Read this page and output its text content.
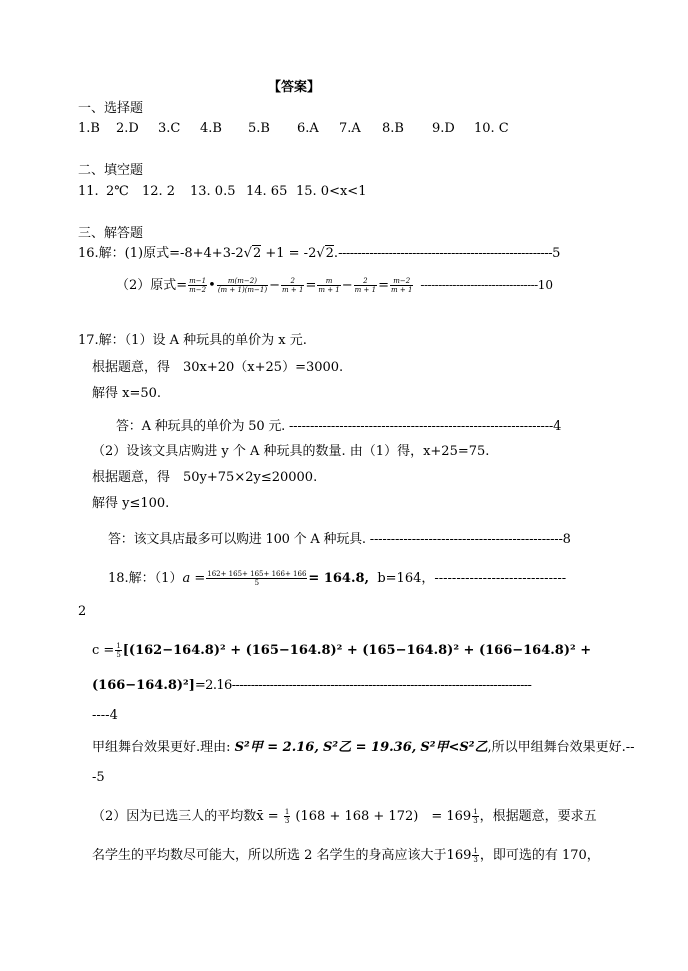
【答案】
一、选择题
1.B 2.D 3.C 4.B 5.B 6.A 7.A 8.B 9.D 10. C
二、填空题
11. 2℃ 12. 2 13. 0.5 14. 65 15. 0<x<1
三、解答题
16.解：(1)原式=-8+4+3-2√2 +1 = -2√2.-------------------------------------------------------5
（2）原式= $\frac{m-1}{m-2}$ • $\frac{m(m-2)}{(m + 1)(m-1)} - \frac{2}{m + 1} = \frac{m}{m + 1} - \frac{2}{m + 1} = \frac{m-2}{m + 1} ---------------------------------10$
17.解：（1）设 A 种玩具的单价为 x 元.
根据题意，得　30x+20（x+25）=3000.
解得 x=50.
答：A 种玩具的单价为 50 元. ---------------------------------------------------------------4
（2）设该文具店购进 y 个 A 种玩具的数量. 由（1）得，x+25=75.
根据题意，得　50y+75×2y≤20000.
解得 y≤100.
答：该文具店最多可以购进 100 个 A 种玩具. ----------------------------------------------8
18.解：$(1)a = \frac{162+ 165+ 165+ 166+ 166}{5} = 164.8$, b=164，------------------------------
2
$c = \frac{1}{5} [(162-164.8)^2 + (165-164.8)^2 + (165-164.8)^2 + (166-164.8)^2$ +
(166−164.8)²]=2.16-------------------------------------------------------------------------------
----4
甲组舞台效果更好.理由: S²甲 = 2.16, S²乙 = 19.36, S²甲<S²乙,所以甲组舞台效果更好.--
-5
（2）因为已选三人的平均数x̄ = $\frac{1}{3} (168 + 168 + 172)$　= $169 \frac{1}{3}$ ，根据题意，要求五
名学生的平均数尽可能大，所以所选 2 名学生的身高应该大于$169 \frac{1}{3}$ ，即可选的有 170，
